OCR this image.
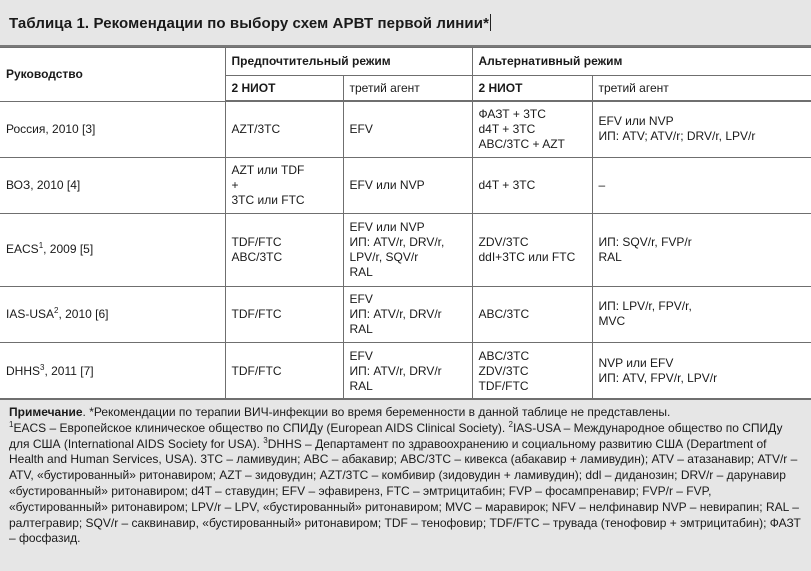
Таблица 1. Рекомендации по выбору схем АРВТ первой линии*
Руководство	Предпочтительный режим		Альтернативный режим	
	2 НИОТ	третий агент	2 НИОТ	третий агент
Россия, 2010 [3]	AZT/3TC	EFV	ФАЗТ + 3TC
d4T + 3TC
ABC/3TC + AZT	EFV или NVP
ИП: ATV; ATV/r; DRV/r, LPV/r

ВОЗ, 2010 [4]	AZT или TDF
+
3TC или FTC	EFV или NVP	d4T + 3TC	–

EACS$^1$, 2009 [5]	TDF/FTC
ABC/3TC	EFV или NVP
ИП: ATV/r, DRV/r,
LPV/r, SQV/r
RAL	ZDV/3TC
ddI+3TC или FTC	ИП: SQV/r, FVP/r
RAL

IAS-USA$^2$, 2010 [6]	TDF/FTC	EFV
ИП: ATV/r, DRV/r
RAL	ABC/3TC	ИП: LPV/r, FPV/r,
MVC

DHHS$^3$, 2011 [7]	TDF/FTC	EFV
ИП: ATV/r, DRV/r
RAL	ABC/3TC
ZDV/3TC
TDF/FTC	NVP или EFV
ИП: ATV, FPV/r, LPV/r

Примечание. *Рекомендации по терапии ВИЧ-инфекции во время беременности в данной таблице не представлены.
$^1$EACS – Европейское клиническое общество по СПИДу (European AIDS Clinical Society). $^2$IAS-USA – Международное общество по СПИДу для США (International AIDS Society for USA). $^3$DHHS – Департамент по здравоохранению и социальному развитию США (Department of Health and Human Services, USA). 3TC – ламивудин; ABC – абакавир; ABC/3TC – кивекса (абакавир + ламивудин); ATV – атазанавир; ATV/r – ATV, «бустированный» ритонавиром; AZT – зидовудин; AZT/3TC – комбивир (зидовудин + ламивудин); ddl – диданозин; DRV/r – дарунавир «бустированный» ритонавиром; d4T – ставудин; EFV – эфавиренз, FTC – эмтрицитабин; FVP – фосампренавир; FVP/r – FVP, «бустированный» ритонавиром; LPV/r – LPV, «бустированный» ритонавиром; MVC – маравирок; NFV – нелфинавир NVP – невирапин; RAL – ралтегравир; SQV/r – саквинавир, «бустированный» ритонавиром; TDF – тенофовир; TDF/FTC – трувада (тенофовир + эмтрицитабин); ФАЗТ – фосфазид.
